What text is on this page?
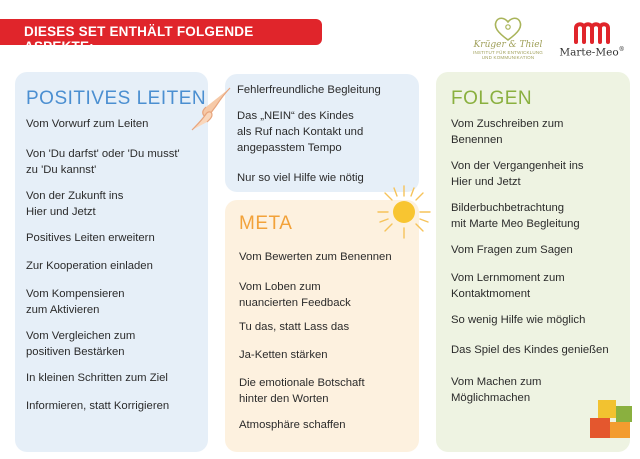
DIESES SET ENTHÄLT FOLGENDE ASPEKTE:	Krüger & Thiel
INSTITUT FÜR ENTWICKLUNG
UND KOMMUNIKATION	Marte-Meo®
POSITIVES LEITEN
META
FOLGEN
Vom Vorwurf zum Leiten
Von 'Du darfst' oder 'Du musst'
zu 'Du kannst'
Von der Zukunft ins
Hier und Jetzt
Positives Leiten erweitern
Zur Kooperation einladen
Vom Kompensieren
zum Aktivieren
Vom Vergleichen zum
positiven Bestärken
In kleinen Schritten zum Ziel
Informieren, statt Korrigieren
Fehlerfreundliche Begleitung
Das „NEIN“ des Kindes
als Ruf nach Kontakt und
angepasstem Tempo
Nur so viel Hilfe wie nötig
Vom Bewerten zum Benennen
Vom Loben zum
nuancierten Feedback
Tu das, statt Lass das
Ja-Ketten stärken
Die emotionale Botschaft
hinter den Worten
Atmosphäre schaffen
Vom Zuschreiben zum
Benennen
Von der Vergangenheit ins
Hier und Jetzt
Bilderbuchbetrachtung
mit Marte Meo Begleitung
Vom Fragen zum Sagen
Vom Lernmoment zum
Kontaktmoment
So wenig Hilfe wie möglich
Das Spiel des Kindes genießen
Vom Machen zum
Möglichmachen
